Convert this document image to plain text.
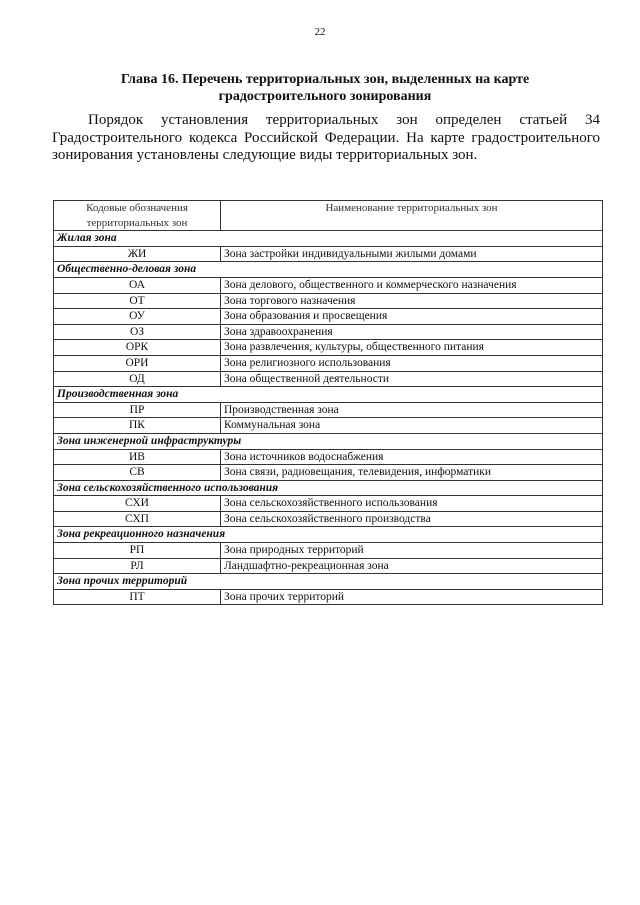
22
Глава 16. Перечень территориальных зон, выделенных на карте
градостроительного зонирования

Порядок установления территориальных зон определен статьей 34 Градостроительного кодекса Российской Федерации. На карте градостроительного зонирования установлены следующие виды территориальных зон.

Кодовые обозначения территориальных зон	Наименование территориальных зон
Жилая зона	
ЖИ	Зона застройки индивидуальными жилыми домами
Общественно-деловая зона	
ОА	Зона делового, общественного и коммерческого назначения
ОТ	Зона торгового назначения
ОУ	Зона образования и просвещения
ОЗ	Зона здравоохранения
ОРК	Зона развлечения, культуры, общественного питания
ОРИ	Зона религиозного использования
ОД	Зона общественной деятельности
Производственная зона	
ПР	Производственная зона
ПК	Коммунальная зона
Зона инженерной инфраструктуры	
ИВ	Зона источников водоснабжения
СВ	Зона связи, радиовещания, телевидения, информатики
Зона сельскохозяйственного использования	
СХИ	Зона сельскохозяйственного использования
СХП	Зона сельскохозяйственного производства
Зона рекреационного назначения	
РП	Зона природных территорий
РЛ	Ландшафтно-рекреационная зона
Зона прочих территорий	
ПТ	Зона прочих территорий
